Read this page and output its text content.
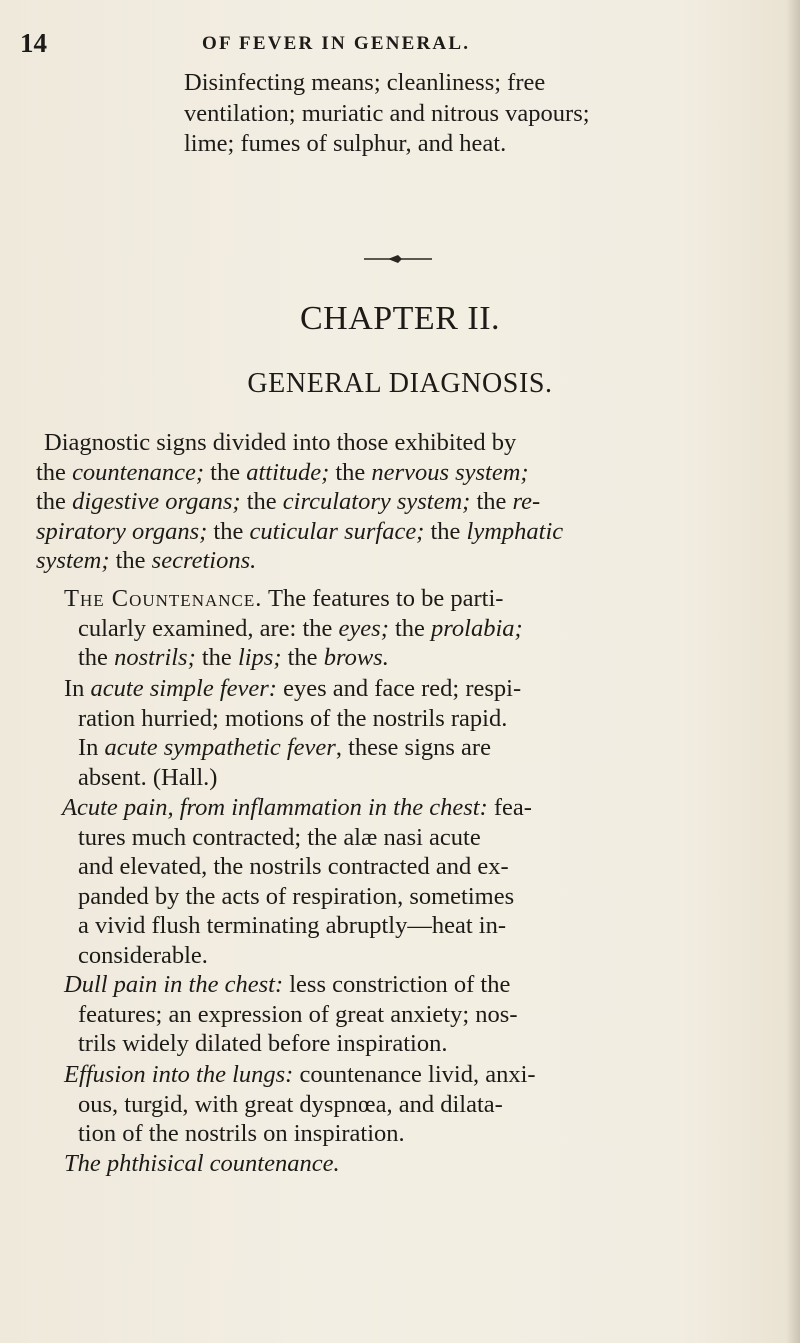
14	OF FEVER IN GENERAL.

Disinfecting means; cleanliness; free

ventilation; muriatic and nitrous vapours;

lime; fumes of sulphur, and heat.

CHAPTER II.
GENERAL DIAGNOSIS.
Diagnostic signs divided into those exhibited by
the countenance; the attitude; the nervous system;
the digestive organs; the circulatory system; the re-
spiratory organs; the cuticular surface; the lymphatic
system; the secretions.
The Countenance. The features to be parti-
cularly examined, are: the eyes; the prolabia;
the nostrils; the lips; the brows.
In acute simple fever: eyes and face red; respi-
ration hurried; motions of the nostrils rapid.
In acute sympathetic fever, these signs are
absent. (Hall.)
Acute pain, from inflammation in the chest: fea-
tures much contracted; the alæ nasi acute
and elevated, the nostrils contracted and ex-
panded by the acts of respiration, sometimes
a vivid flush terminating abruptly—heat in-
considerable.
Dull pain in the chest: less constriction of the
features; an expression of great anxiety; nos-
trils widely dilated before inspiration.
Effusion into the lungs: countenance livid, anxi-
ous, turgid, with great dyspnœa, and dilata-
tion of the nostrils on inspiration.
The phthisical countenance.
